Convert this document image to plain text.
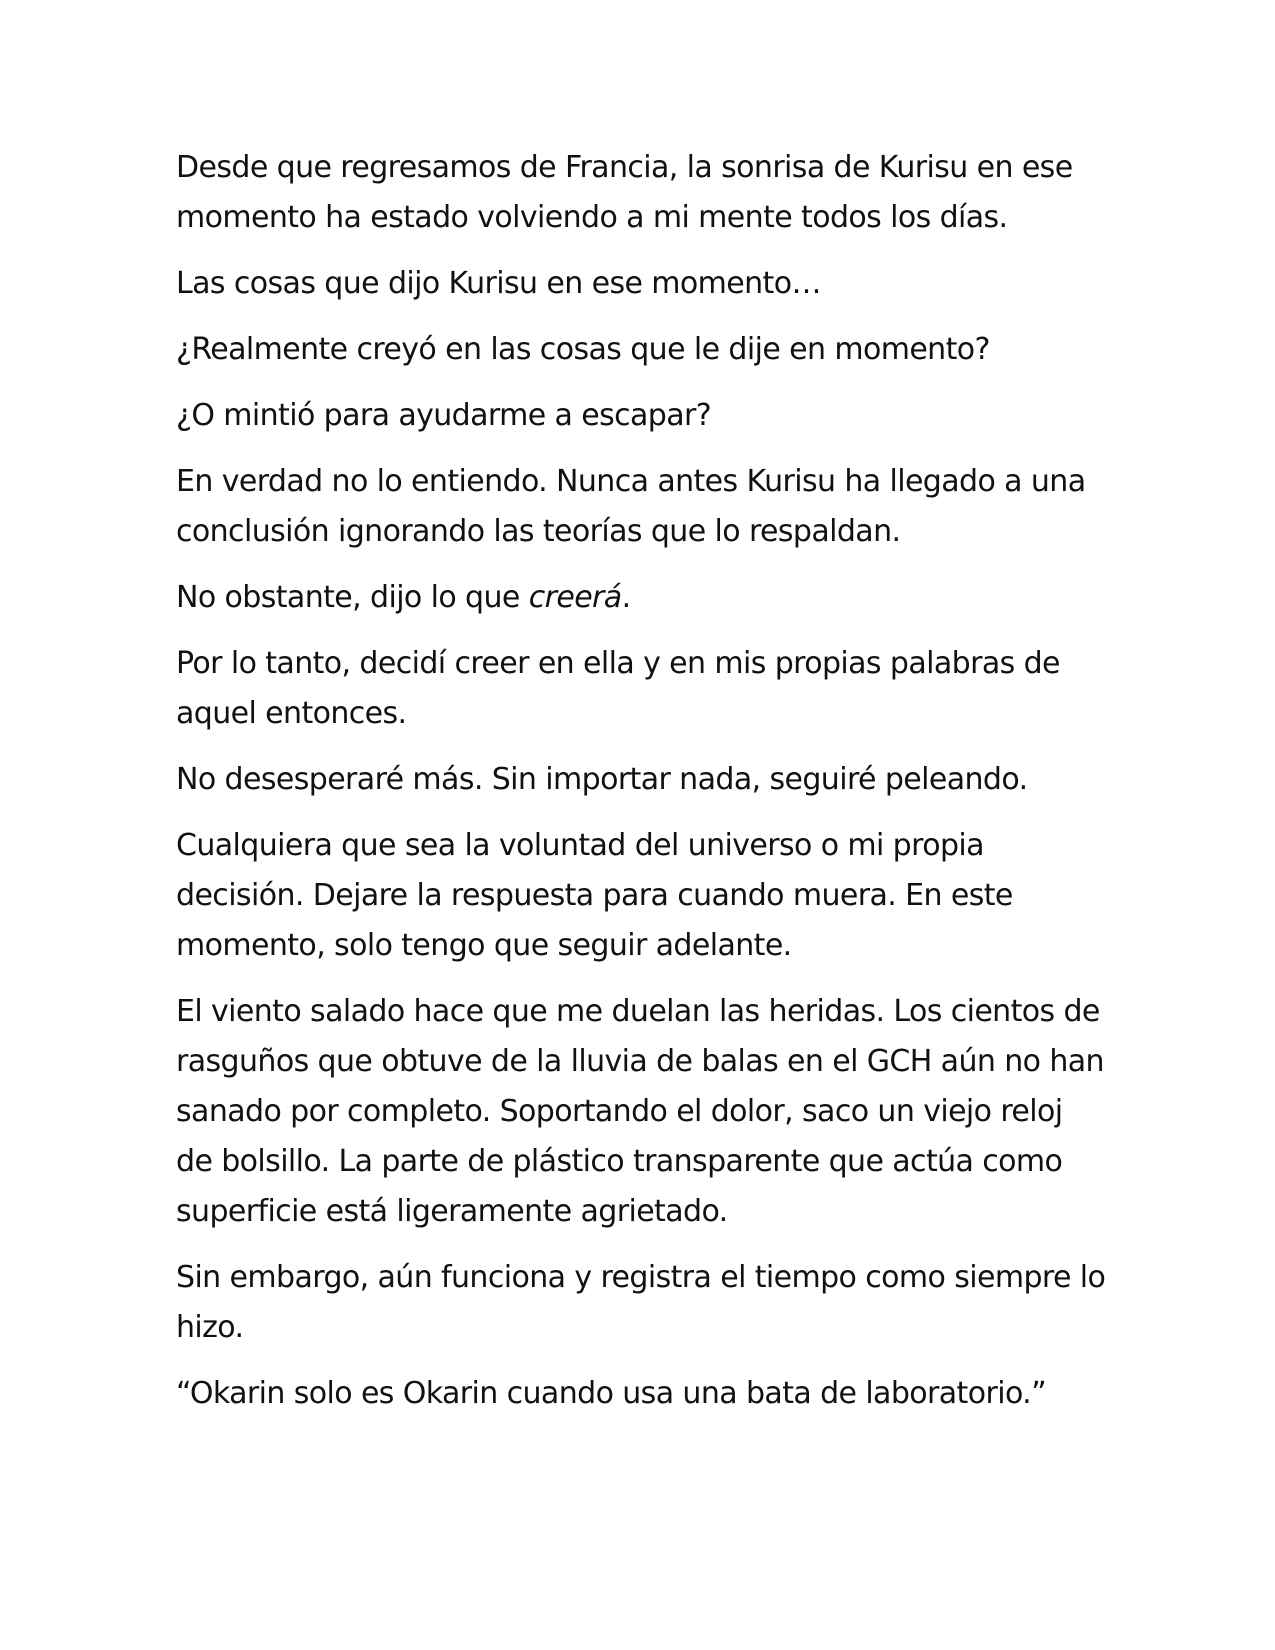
Desde que regresamos de Francia, la sonrisa de Kurisu en ese momento ha estado volviendo a mi mente todos los días.

Las cosas que dijo Kurisu en ese momento…

¿Realmente creyó en las cosas que le dije en momento?

¿O mintió para ayudarme a escapar?

En verdad no lo entiendo. Nunca antes Kurisu ha llegado a una conclusión ignorando las teorías que lo respaldan.

No obstante, dijo lo que creerá.

Por lo tanto, decidí creer en ella y en mis propias palabras de aquel entonces.

No desesperaré más. Sin importar nada, seguiré peleando.

Cualquiera que sea la voluntad del universo o mi propia decisión. Dejare la respuesta para cuando muera. En este momento, solo tengo que seguir adelante.

El viento salado hace que me duelan las heridas. Los cientos de rasguños que obtuve de la lluvia de balas en el GCH aún no han sanado por completo. Soportando el dolor, saco un viejo reloj de bolsillo. La parte de plástico transparente que actúa como superficie está ligeramente agrietado.

Sin embargo, aún funciona y registra el tiempo como siempre lo hizo.

“Okarin solo es Okarin cuando usa una bata de laboratorio.”
